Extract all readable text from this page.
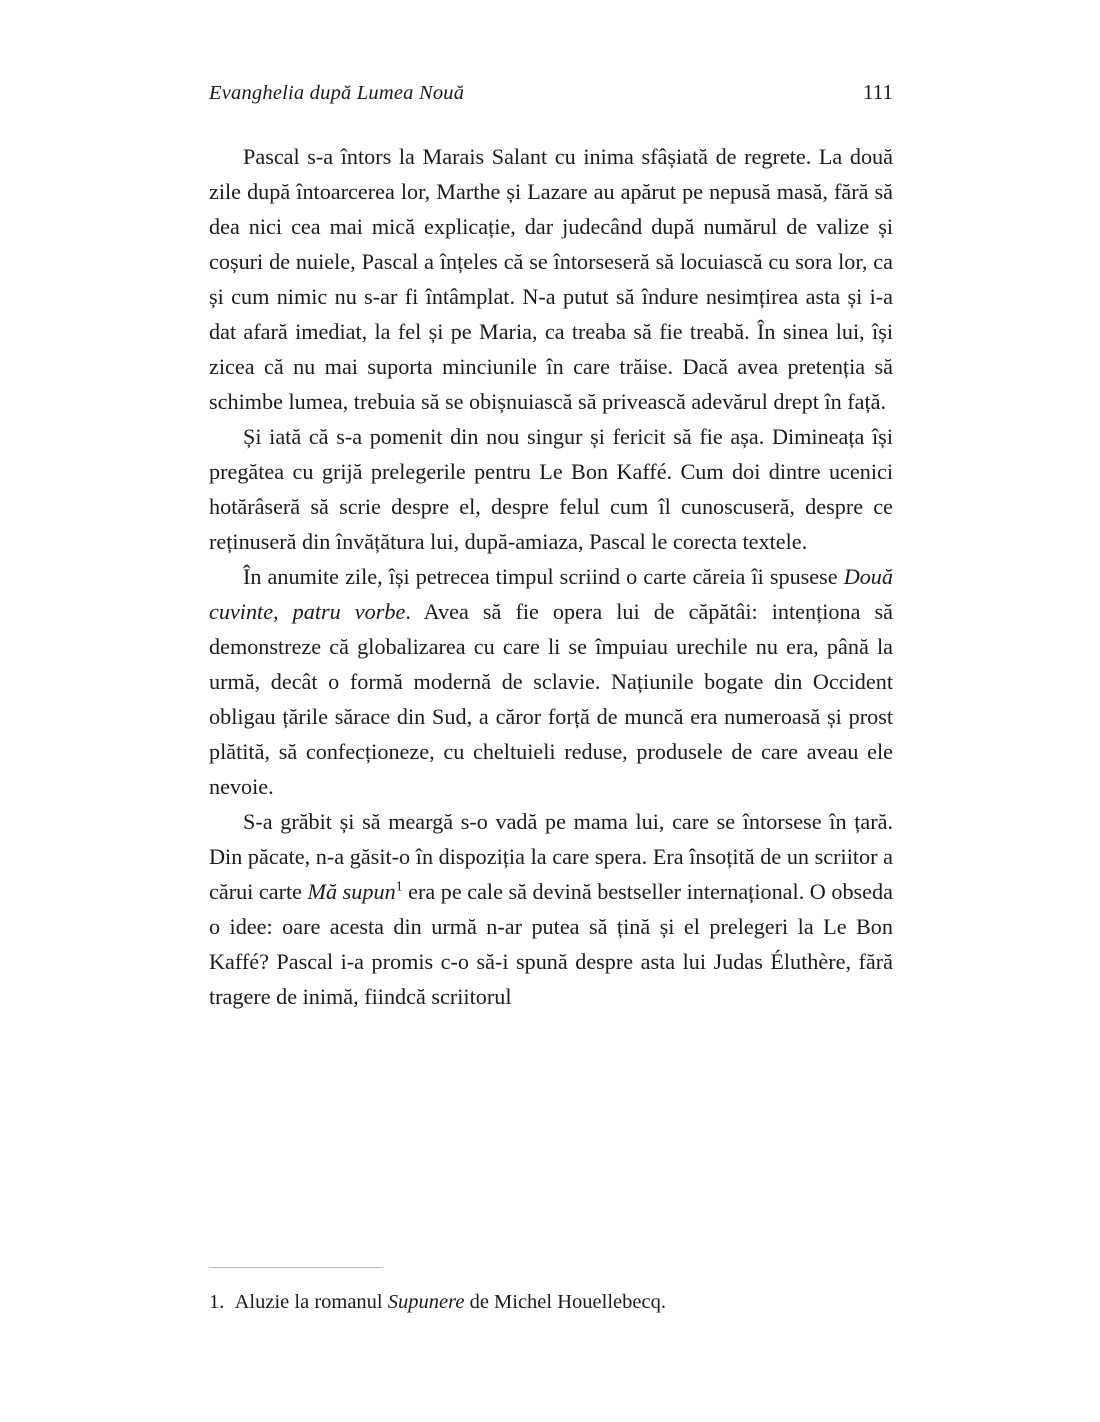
Evanghelia după Lumea Nouă	111

Pascal s-a întors la Marais Salant cu inima sfâșiată de regrete. La două zile după întoarcerea lor, Marthe și Lazare au apărut pe nepusă masă, fără să dea nici cea mai mică explicație, dar judecând după numărul de valize și coșuri de nuiele, Pascal a înțeles că se întorseseră să locuiască cu sora lor, ca și cum nimic nu s-ar fi întâmplat. N-a putut să îndure nesimțirea asta și i-a dat afară imediat, la fel și pe Maria, ca treaba să fie treabă. În sinea lui, își zicea că nu mai suporta minciunile în care trăise. Dacă avea pretenția să schimbe lumea, trebuia să se obișnuiască să privească adevărul drept în față.

Și iată că s-a pomenit din nou singur și fericit să fie așa. Dimineața își pregătea cu grijă prelegerile pentru Le Bon Kaffé. Cum doi dintre ucenici hotărâseră să scrie despre el, despre felul cum îl cunoscuseră, despre ce reținuseră din învățătura lui, după-amiaza, Pascal le corecta textele.

În anumite zile, își petrecea timpul scriind o carte căreia îi spusese Două cuvinte, patru vorbe. Avea să fie opera lui de căpătâi: intenționa să demonstreze că globalizarea cu care li se împuiau urechile nu era, până la urmă, decât o formă modernă de sclavie. Națiunile bogate din Occident obligau țările sărace din Sud, a căror forță de muncă era numeroasă și prost plătită, să confecționeze, cu cheltuieli reduse, produsele de care aveau ele nevoie.

S-a grăbit și să meargă s-o vadă pe mama lui, care se întorsese în țară. Din păcate, n-a găsit-o în dispoziția la care spera. Era însoțită de un scriitor a cărui carte Mă supun$^1$ era pe cale să devină bestseller internațional. O obseda o idee: oare acesta din urmă n-ar putea să țină și el prelegeri la Le Bon Kaffé? Pascal i-a promis c-o să-i spună despre asta lui Judas Éluthère, fără tragere de inimă, fiindcă scriitorul

1.  Aluzie la romanul Supunere de Michel Houellebecq.
